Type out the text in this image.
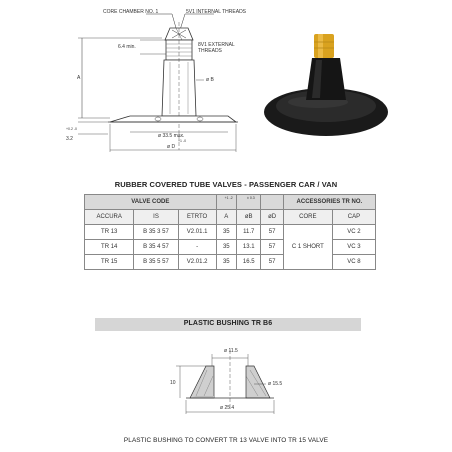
CORE CHAMBER NO. 1	5V1 INTERNAL THREADS
8V1 EXTERNAL THREADS
6.4 min.
A	ø B
ø 33.5 max.
ø D
+1 -0
3.2
+0.2 -0
RUBBER COVERED TUBE VALVES - PASSENGER CAR / VAN
VALVE CODE			+1 -2	± 0.3		ACCESSORIES TR NO.	
ACCURA	IS	ETRTO	A	øB	øD	CORE	CAP
TR 13	B 35 3 57	V2.01.1	35	11.7	57	C 1 SHORT	VC 2
TR 14	B 35 4 57	-	35	13.1	57		VC 3
TR 15	B 35 5 57	V2.01.2	35	16.5	57		VC 8
PLASTIC BUSHING TR B6
ø 11.5
ø 15.5
ø 25.4
10
PLASTIC BUSHING TO CONVERT TR 13 VALVE INTO TR 15 VALVE
